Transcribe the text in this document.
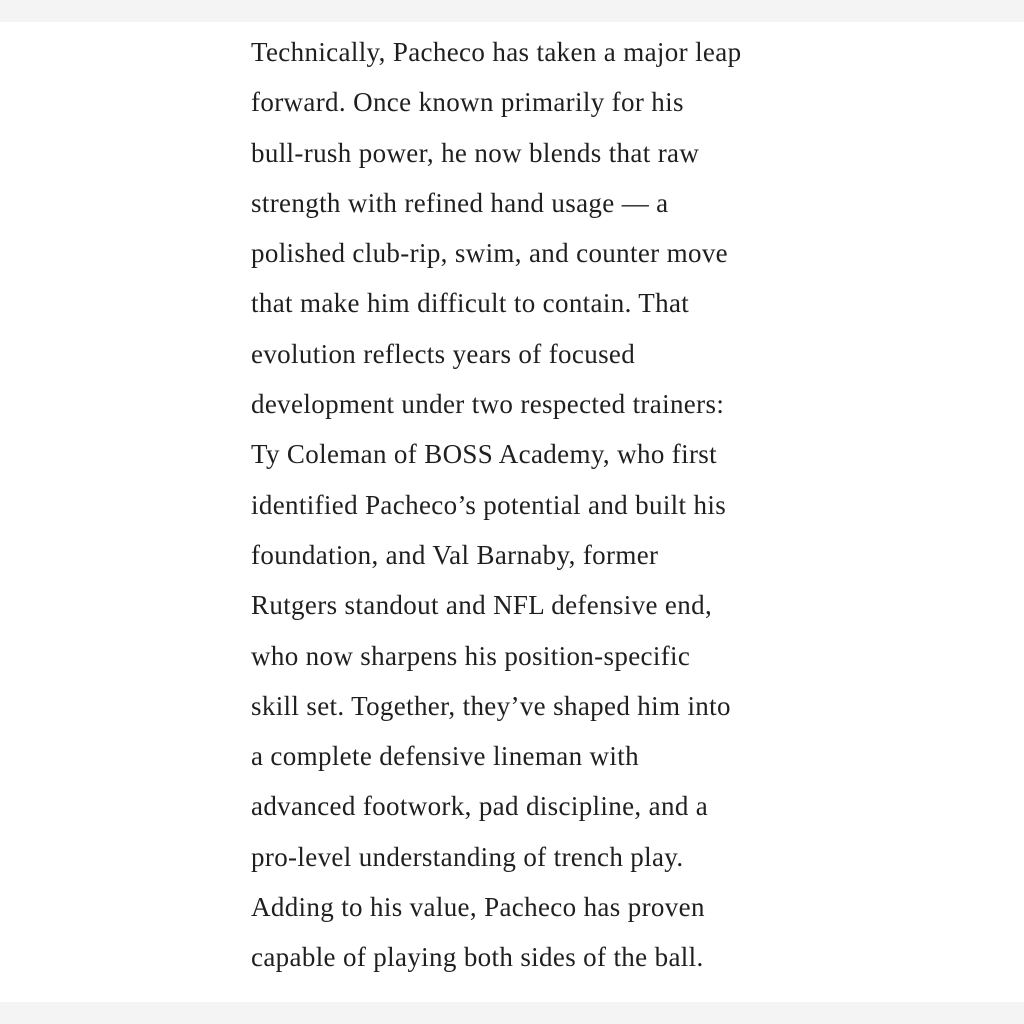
Technically, Pacheco has taken a major leap
forward. Once known primarily for his
bull-rush power, he now blends that raw
strength with refined hand usage — a
polished club-rip, swim, and counter move
that make him difficult to contain. That
evolution reflects years of focused
development under two respected trainers:
Ty Coleman of BOSS Academy, who first
identified Pacheco’s potential and built his
foundation, and Val Barnaby, former
Rutgers standout and NFL defensive end,
who now sharpens his position-specific
skill set. Together, they’ve shaped him into
a complete defensive lineman with
advanced footwork, pad discipline, and a
pro-level understanding of trench play.
Adding to his value, Pacheco has proven
capable of playing both sides of the ball.
